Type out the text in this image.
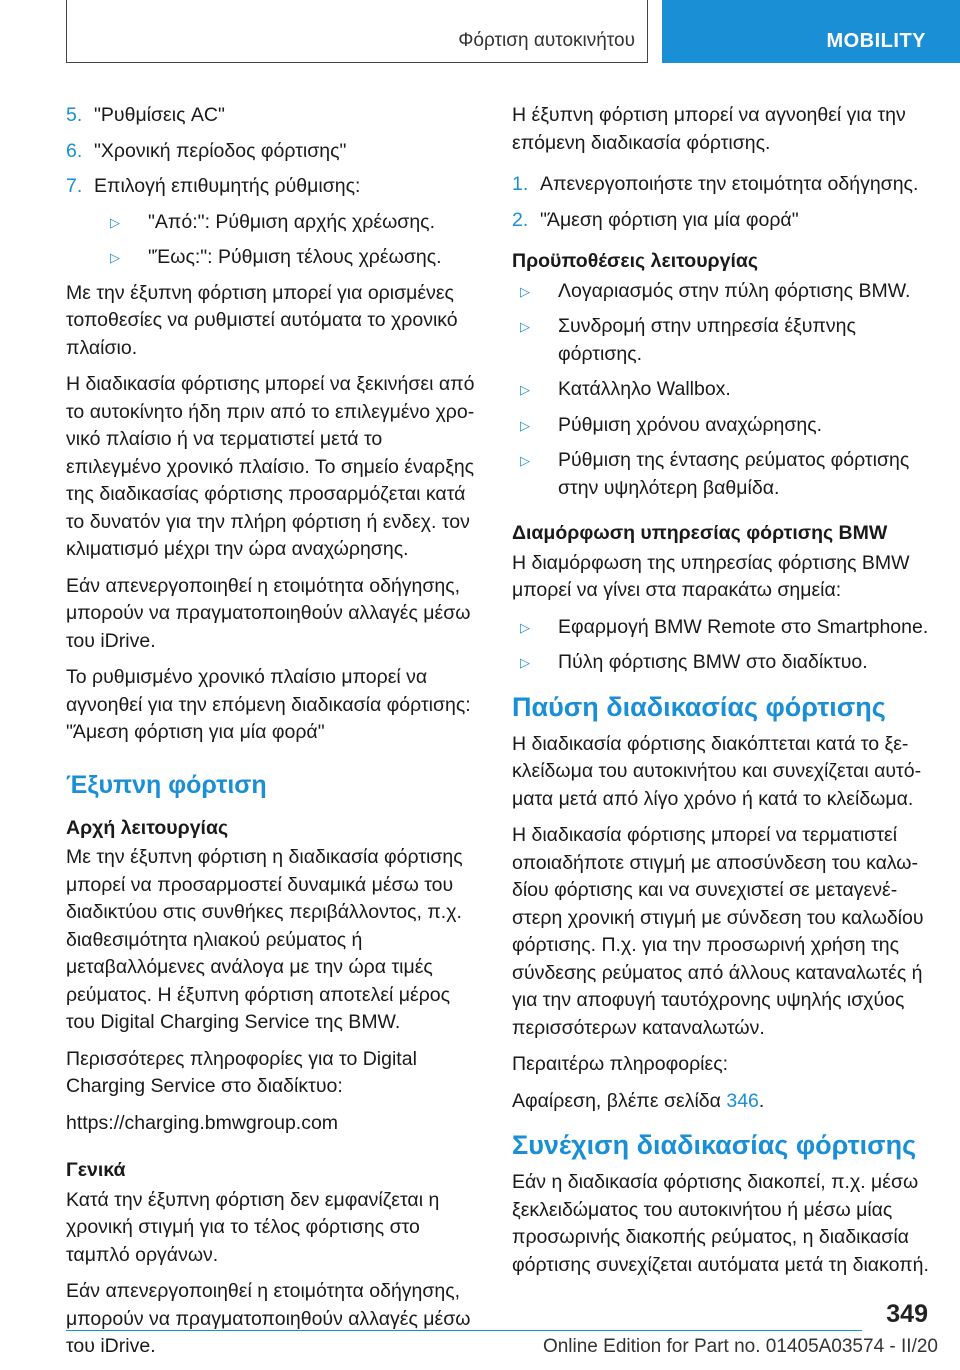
Φόρτιση αυτοκινήτου	MOBILITY
5. "Ρυθμίσεις AC"
6. "Χρονική περίοδος φόρτισης"
7. Επιλογή επιθυμητής ρύθμισης:
▷	"Από:": Ρύθμιση αρχής χρέωσης.
▷	"Έως:": Ρύθμιση τέλους χρέωσης.

Με την έξυπνη φόρτιση μπορεί για ορισμένες τοποθεσίες να ρυθμιστεί αυτόματα το χρονικό πλαίσιο.

Η διαδικασία φόρτισης μπορεί να ξεκινήσει από το αυτοκίνητο ήδη πριν από το επιλεγμένο χρονικό πλαίσιο ή να τερματιστεί μετά το επιλεγμένο χρονικό πλαίσιο. Το σημείο έναρξης της διαδικασίας φόρτισης προσαρμόζεται κατά το δυνατόν για την πλήρη φόρτιση ή ενδεχ. τον κλιματισμό μέχρι την ώρα αναχώρησης.

Εάν απενεργοποιηθεί η ετοιμότητα οδήγησης, μπορούν να πραγματοποιηθούν αλλαγές μέσω του iDrive.

Το ρυθμισμένο χρονικό πλαίσιο μπορεί να αγνοηθεί για την επόμενη διαδικασία φόρτισης: "Άμεση φόρτιση για μία φορά"

Έξυπνη φόρτιση
Αρχή λειτουργίας

Με την έξυπνη φόρτιση η διαδικασία φόρτισης μπορεί να προσαρμοστεί δυναμικά μέσω του διαδικτύου στις συνθήκες περιβάλλοντος, π.χ. διαθεσιμότητα ηλιακού ρεύματος ή μεταβαλλόμενες ανάλογα με την ώρα τιμές ρεύματος. Η έξυπνη φόρτιση αποτελεί μέρος του Digital Charging Service της BMW.

Περισσότερες πληροφορίες για το Digital Charging Service στο διαδίκτυο:

https://charging.bmwgroup.com

Γενικά

Κατά την έξυπνη φόρτιση δεν εμφανίζεται η χρονική στιγμή για το τέλος φόρτισης στο ταμπλό οργάνων.

Εάν απενεργοποιηθεί η ετοιμότητα οδήγησης, μπορούν να πραγματοποιηθούν αλλαγές μέσω του iDrive.

Η έξυπνη φόρτιση μπορεί να αγνοηθεί για την επόμενη διαδικασία φόρτισης.

1. Απενεργοποιήστε την ετοιμότητα οδήγησης.
2. "Άμεση φόρτιση για μία φορά"
Προϋποθέσεις λειτουργίας
▷	Λογαριασμός στην πύλη φόρτισης BMW.
▷	Συνδρομή στην υπηρεσία έξυπνης φόρτισης.
▷	Κατάλληλο Wallbox.
▷	Ρύθμιση χρόνου αναχώρησης.
▷	Ρύθμιση της έντασης ρεύματος φόρτισης στην υψηλότερη βαθμίδα.
Διαμόρφωση υπηρεσίας φόρτισης BMW

Η διαμόρφωση της υπηρεσίας φόρτισης BMW μπορεί να γίνει στα παρακάτω σημεία:

▷	Εφαρμογή BMW Remote στο Smartphone.
▷	Πύλη φόρτισης BMW στο διαδίκτυο.
Παύση διαδικασίας φόρτισης

Η διαδικασία φόρτισης διακόπτεται κατά το ξεκλείδωμα του αυτοκινήτου και συνεχίζεται αυτόματα μετά από λίγο χρόνο ή κατά το κλείδωμα.

Η διαδικασία φόρτισης μπορεί να τερματιστεί οποιαδήποτε στιγμή με αποσύνδεση του καλωδίου φόρτισης και να συνεχιστεί σε μεταγενέστερη χρονική στιγμή με σύνδεση του καλωδίου φόρτισης. Π.χ. για την προσωρινή χρήση της σύνδεσης ρεύματος από άλλους καταναλωτές ή για την αποφυγή ταυτόχρονης υψηλής ισχύος περισσότερων καταναλωτών.

Περαιτέρω πληροφορίες:

Αφαίρεση, βλέπε σελίδα 346.

Συνέχιση διαδικασίας φόρτισης

Εάν η διαδικασία φόρτισης διακοπεί, π.χ. μέσω ξεκλειδώματος του αυτοκινήτου ή μέσω μίας προσωρινής διακοπής ρεύματος, η διαδικασία φόρτισης συνεχίζεται αυτόματα μετά τη διακοπή.

349
Online Edition for Part no. 01405A03574 - II/20
